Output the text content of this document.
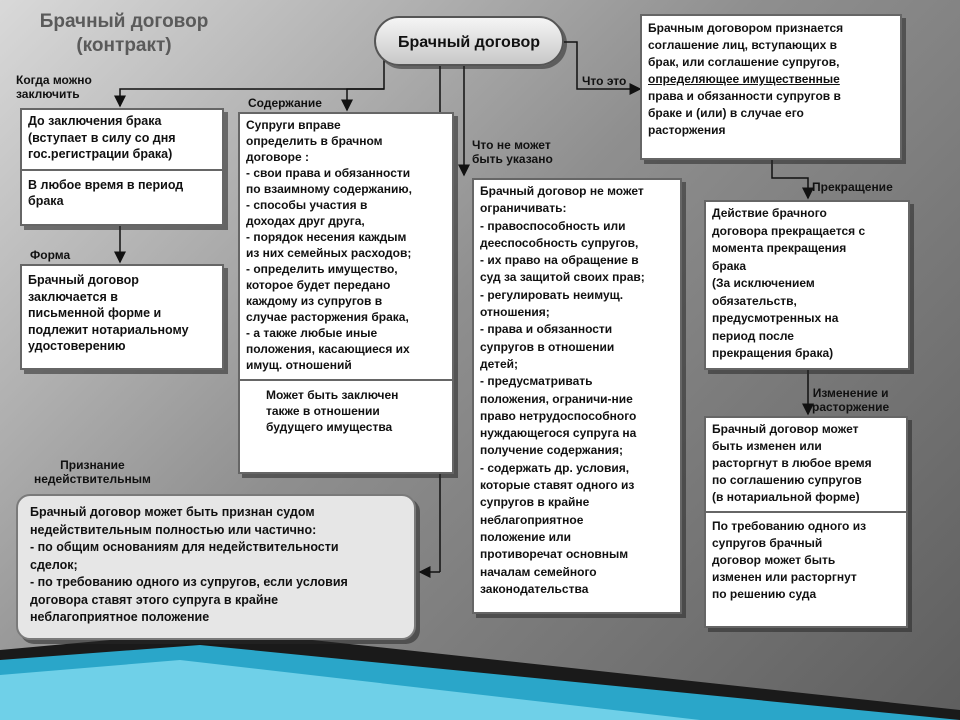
Брачный договор
(контракт)	Брачный договор
Когда можно
заключить
Содержание
Что это
Что не может
быть указано
Прекращение
Форма
Изменение и
расторжение
Признание
недействительным

До заключения брака

(вступает в силу со дня

гос.регистрации брака)

В любое время в период

брака

Брачный договор

заключается в

письменной форме и

подлежит нотариальному

удостоверению

Супруги вправе

определить в брачном

договоре :

- свои права и обязанности

по взаимному содержанию,

- способы участия в

доходах друг друга,

- порядок несения каждым

из них семейных расходов;

- определить имущество,

которое будет передано

каждому из супругов в

случае расторжения брака,

- а также любые иные

положения, касающиеся их

имущ. отношений

Может быть заключен

также в отношении

будущего имущества

Брачным договором признается

соглашение лиц, вступающих в

брак, или соглашение супругов,

определяющее имущественные

права и обязанности супругов в

браке и (или) в случае его

расторжения

Брачный договор не может

ограничивать:

- правоспособность или

дееспособность супругов,

- их право на обращение в

суд за защитой своих прав;

- регулировать неимущ.

отношения;

- права и обязанности

супругов в отношении

детей;

- предусматривать

положения, ограничи-ние

право нетрудоспособного

нуждающегося супруга на

получение содержания;

- содержать др. условия,

которые ставят одного из

супругов в крайне

неблагоприятное

положение или

противоречат основным

началам семейного

законодательства

Действие брачного

договора прекращается с

момента прекращения

брака

(За исключением

обязательств,

предусмотренных на

период после

прекращения брака)

Брачный договор может

быть изменен или

расторгнут в любое время

по соглашению супругов

(в нотариальной форме)

По требованию одного из

супругов брачный

договор может быть

изменен или расторгнут

по решению суда

Брачный договор может быть признан судом

недействительным полностью или частично:

- по общим основаниям для недействительности

сделок;

- по требованию одного из супругов, если условия

договора ставят этого супруга в крайне

неблагоприятное положение
